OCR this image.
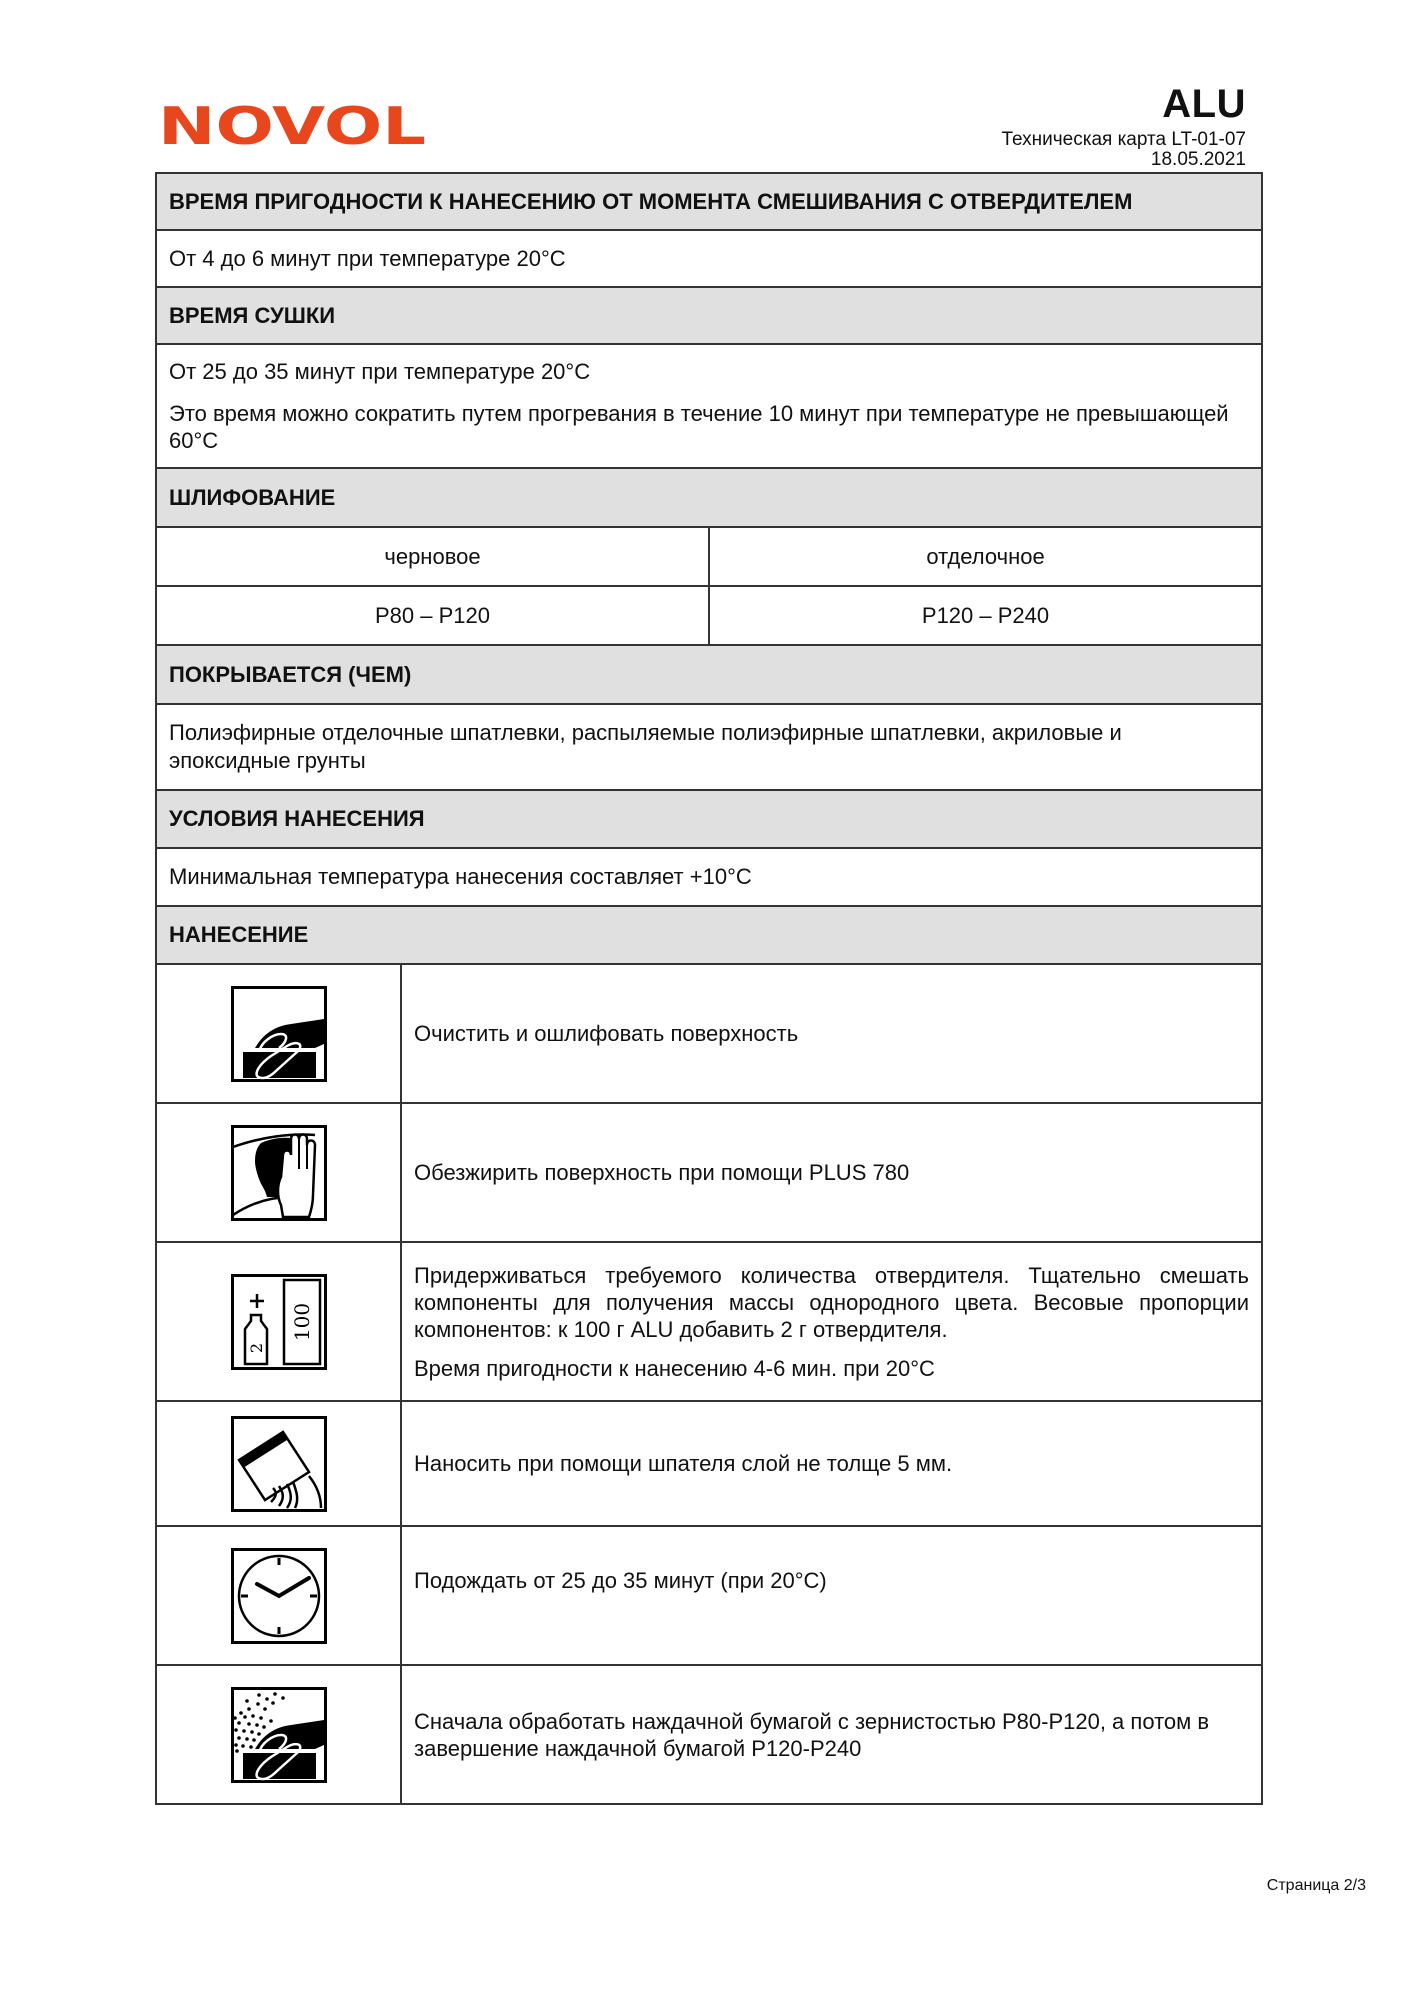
NOVOL	ALU
Техническая карта LT-01-07
18.05.2021
ВРЕМЯ ПРИГОДНОСТИ К НАНЕСЕНИЮ ОТ МОМЕНТА СМЕШИВАНИЯ С ОТВЕРДИТЕЛЕМ		
От 4 до 6 минут при температуре 20°C		
ВРЕМЯ СУШКИ		

От 25 до 35 минут при температуре 20°C

Это время можно сократить путем прогревания в течение 10 минут при температуре не превышающей 60°C		

ШЛИФОВАНИЕ		
черновое		отделочное
P80 – P120		P120 – P240
ПОКРЫВАЕТСЯ (ЧЕМ)		
Полиэфирные отделочные шпатлевки, распыляемые полиэфирные шпатлевки, акриловые и эпоксидные грунты		
УСЛОВИЯ НАНЕСЕНИЯ		
Минимальная температура нанесения составляет +10°C		
НАНЕСЕНИЕ		
	Очистить и ошлифовать поверхность	
	Обезжирить поверхность при помощи PLUS 780	

100
2

Придерживаться требуемого количества отвердителя. Тщательно смешать компоненты для получения массы однородного цвета. Весовые пропорции компонентов: к 100 г ALU добавить 2 г отвердителя.

Время пригодности к нанесению 4-6 мин. при 20°C

	Наносить при помощи шпателя слой не толще 5 мм.	
	Подождать от 25 до 35 минут (при 20°C)	
	Сначала обработать наждачной бумагой с зернистостью P80-P120, а потом в завершение наждачной бумагой P120-P240	
Страница 2/3
